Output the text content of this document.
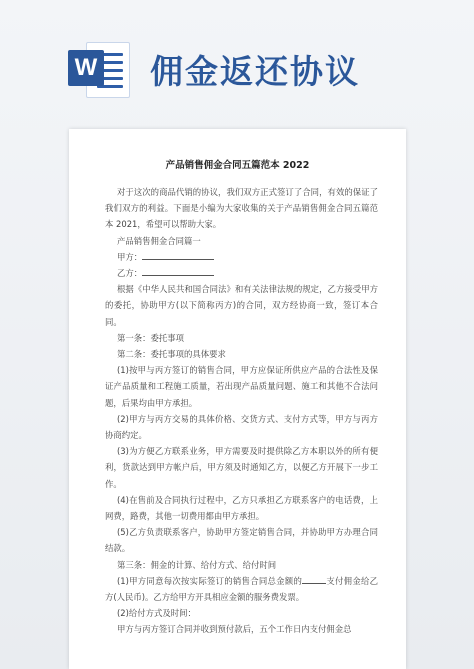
W 佣金返还协议
产品销售佣金合同五篇范本 2022

对于这次的商品代销的协议，我们双方正式签订了合同，有效的保证了我们双方的利益。下面是小编为大家收集的关于产品销售佣金合同五篇范本 2021，希望可以帮助大家。

产品销售佣金合同篇一

甲方：

乙方：

根据《中华人民共和国合同法》和有关法律法规的规定，乙方接受甲方的委托，协助甲方(以下简称丙方)的合同，双方经协商一致，签订本合同。

第一条：委托事项

第二条：委托事项的具体要求

(1)按甲与丙方签订的销售合同，甲方应保证所供应产品的合法性及保证产品质量和工程施工质量，若出现产品质量问题、施工和其他不合法问题，后果均由甲方承担。

(2)甲方与丙方交易的具体价格、交货方式、支付方式等，甲方与丙方协商约定。

(3)为方便乙方联系业务，甲方需要及时提供除乙方本职以外的所有便利，货款达到甲方帐户后，甲方须及时通知乙方，以便乙方开展下一步工作。

(4)在售前及合同执行过程中，乙方只承担乙方联系客户的电话费，上网费，路费，其他一切费用都由甲方承担。

(5)乙方负责联系客户，协助甲方签定销售合同，并协助甲方办理合同结款。

第三条：佣金的计算、给付方式、给付时间

(1)甲方同意每次按实际签订的销售合同总金额的	支付佣金给乙方(人民币)。乙方给甲方开具相应金额的服务费发票。

(2)给付方式及时间：

甲方与丙方签订合同并收到预付款后，五个工作日内支付佣金总
